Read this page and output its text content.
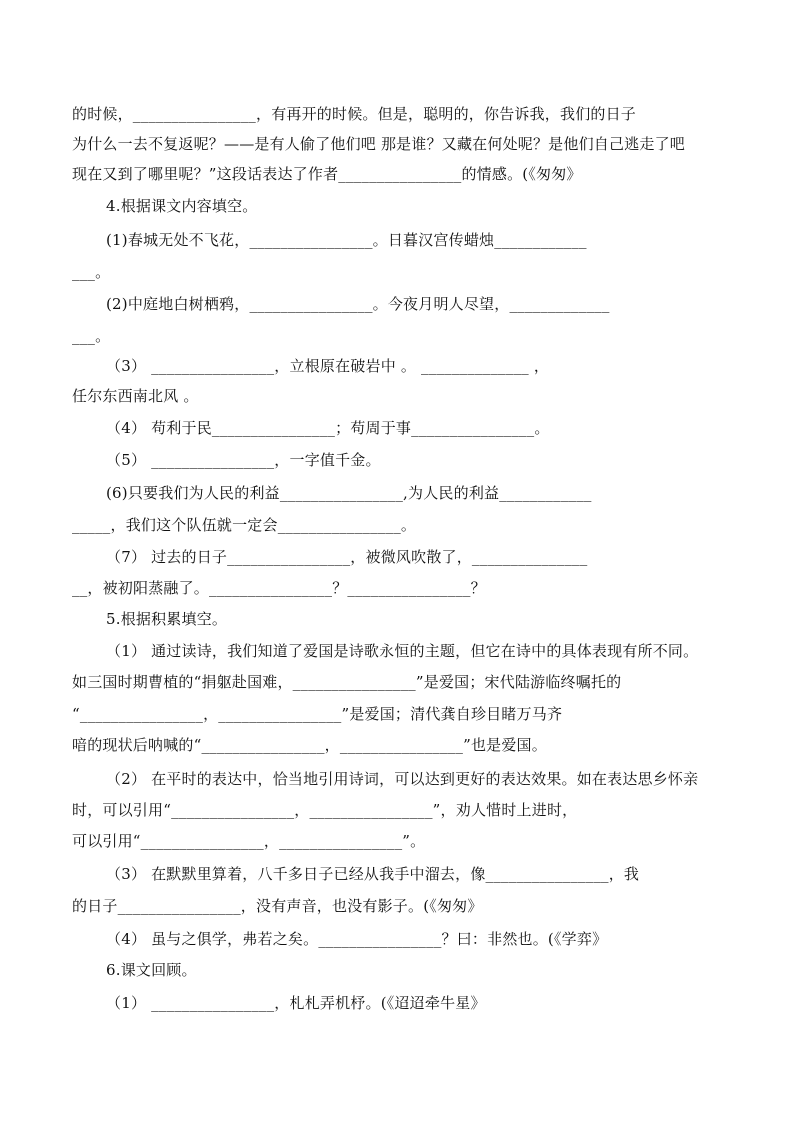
的时候，________________，有再开的时候。但是，聪明的，你告诉我，我们的日子
为什么一去不复返呢？——是有人偷了他们吧 那是谁？又藏在何处呢？是他们自己逃走了吧
现在又到了哪里呢？”这段话表达了作者________________的情感。(《匆匆》
4.根据课文内容填空。
(1)春城无处不飞花，________________。日暮汉宫传蜡烛____________
___。
(2)中庭地白树栖鸦，________________。今夜月明人尽望，_____________
___。
（3） ________________，立根原在破岩中 。 ______________ ，
任尔东西南北风 。
（4） 苟利于民________________；苟周于事________________。
（5） ________________，一字值千金。
(6)只要我们为人民的利益________________,为人民的利益____________
_____，我们这个队伍就一定会________________。
（7） 过去的日子________________，被微风吹散了，_______________
__，被初阳蒸融了。________________？________________？
5.根据积累填空。
（1） 通过读诗，我们知道了爱国是诗歌永恒的主题，但它在诗中的具体表现有所不同。
如三国时期曹植的“捐躯赴国难，________________”是爱国；宋代陆游临终嘱托的
“________________，________________”是爱国；清代龚自珍目睹万马齐
喑的现状后呐喊的“________________，________________”也是爱国。
（2） 在平时的表达中，恰当地引用诗词，可以达到更好的表达效果。如在表达思乡怀亲
时，可以引用“________________，________________”，劝人惜时上进时，
可以引用“________________，________________”。
（3） 在默默里算着，八千多日子已经从我手中溜去，像________________，我
的日子________________，没有声音，也没有影子。(《匆匆》
（4） 虽与之俱学，弗若之矣。________________？曰：非然也。(《学弈》
6.课文回顾。
（1） ________________，札札弄机杼。(《迢迢牵牛星》
